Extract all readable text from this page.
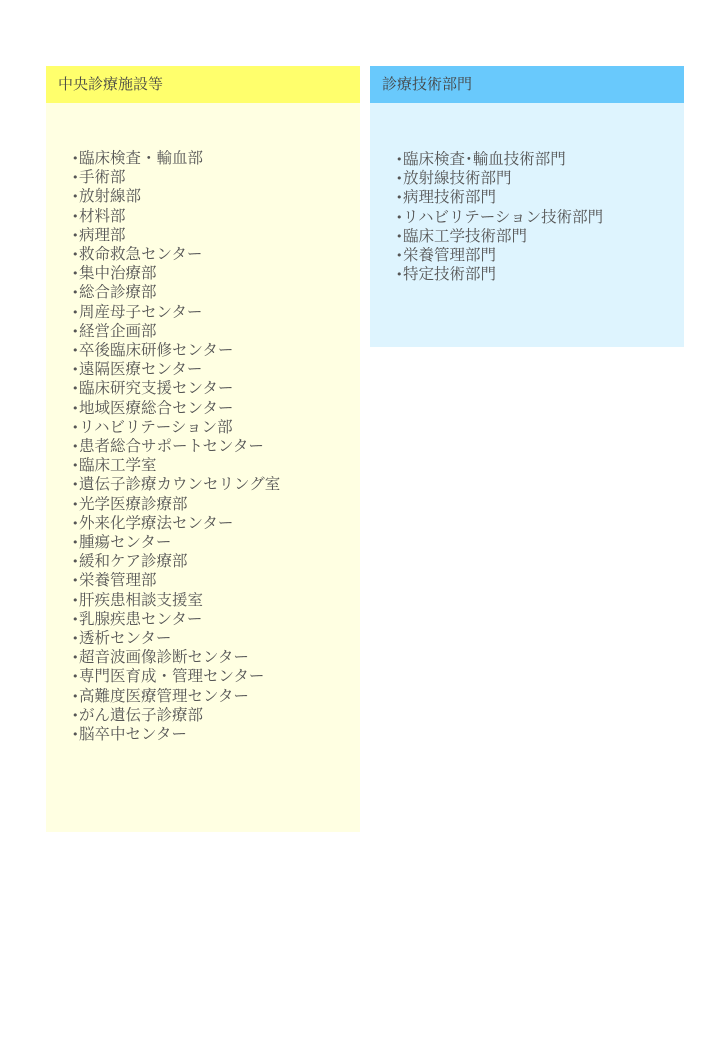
中央診療施設等
• 臨床検査・輸血部
• 手術部
• 放射線部
• 材料部
• 病理部
• 救命救急センター
• 集中治療部
• 総合診療部
• 周産母子センター
• 経営企画部
• 卒後臨床研修センター
• 遠隔医療センター
• 臨床研究支援センター
• 地域医療総合センター
• リハビリテーション部
• 患者総合サポートセンター
• 臨床工学室
• 遺伝子診療カウンセリング室
• 光学医療診療部
• 外来化学療法センター
• 腫瘍センター
• 緩和ケア診療部
• 栄養管理部
• 肝疾患相談支援室
• 乳腺疾患センター
• 透析センター
• 超音波画像診断センター
• 専門医育成・管理センター
• 高難度医療管理センター
• がん遺伝子診療部
• 脳卒中センター
診療技術部門
• 臨床検査･輸血技術部門
• 放射線技術部門
• 病理技術部門
• リハビリテーション技術部門
• 臨床工学技術部門
• 栄養管理部門
• 特定技術部門
